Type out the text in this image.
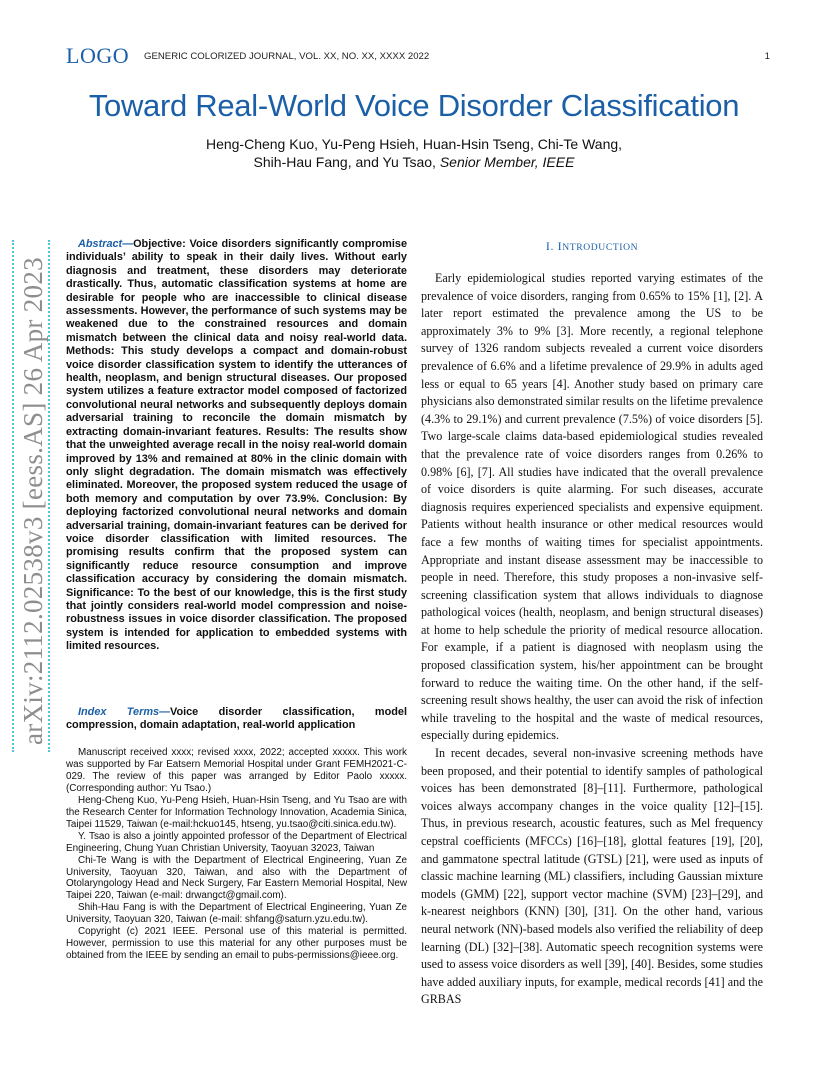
LOGO GENERIC COLORIZED JOURNAL, VOL. XX, NO. XX, XXXX 2022	1
Toward Real-World Voice Disorder Classification
Heng-Cheng Kuo, Yu-Peng Hsieh, Huan-Hsin Tseng, Chi-Te Wang,
Shih-Hau Fang, and Yu Tsao, Senior Member, IEEE
arXiv:2112.02538v3 [eess.AS] 26 Apr 2023

Abstract—Objective: Voice disorders significantly compromise individuals’ ability to speak in their daily lives. Without early diagnosis and treatment, these disorders may deteriorate drastically. Thus, automatic classification systems at home are desirable for people who are inaccessible to clinical disease assessments. However, the performance of such systems may be weakened due to the constrained resources and domain mismatch between the clinical data and noisy real-world data. Methods: This study develops a compact and domain-robust voice disorder classification system to identify the utterances of health, neoplasm, and benign structural diseases. Our proposed system utilizes a feature extractor model composed of factorized convolutional neural networks and subsequently deploys domain adversarial training to reconcile the domain mismatch by extracting domain-invariant features. Results: The results show that the unweighted average recall in the noisy real-world domain improved by 13% and remained at 80% in the clinic domain with only slight degradation. The domain mismatch was effectively eliminated. Moreover, the proposed system reduced the usage of both memory and computation by over 73.9%. Conclusion: By deploying factorized convolutional neural networks and domain adversarial training, domain-invariant features can be derived for voice disorder classification with limited resources. The promising results confirm that the proposed system can significantly reduce resource consumption and improve classification accuracy by considering the domain mismatch. Significance: To the best of our knowledge, this is the first study that jointly considers real-world model compression and noise-robustness issues in voice disorder classification. The proposed system is intended for application to embedded systems with limited resources.

Index Terms—Voice disorder classification, model compression, domain adaptation, real-world application

Manuscript received xxxx; revised xxxx, 2022; accepted xxxxx. This work was supported by Far Eatsern Memorial Hospital under Grant FEMH2021-C-029. The review of this paper was arranged by Editor Paolo xxxxx. (Corresponding author: Yu Tsao.)

Heng-Cheng Kuo, Yu-Peng Hsieh, Huan-Hsin Tseng, and Yu Tsao are with the Research Center for Information Technology Innovation, Academia Sinica, Taipei 11529, Taiwan (e-mail:hckuo145, htseng, yu.tsao@citi.sinica.edu.tw).

Y. Tsao is also a jointly appointed professor of the Department of Electrical Engineering, Chung Yuan Christian University, Taoyuan 32023, Taiwan

Chi-Te Wang is with the Department of Electrical Engineering, Yuan Ze University, Taoyuan 320, Taiwan, and also with the Department of Otolaryngology Head and Neck Surgery, Far Eastern Memorial Hospital, New Taipei 220, Taiwan (e-mail: drwangct@gmail.com).

Shih-Hau Fang is with the Department of Electrical Engineering, Yuan Ze University, Taoyuan 320, Taiwan (e-mail: shfang@saturn.yzu.edu.tw).

Copyright (c) 2021 IEEE. Personal use of this material is permitted. However, permission to use this material for any other purposes must be obtained from the IEEE by sending an email to pubs-permissions@ieee.org.

I. INTRODUCTION

Early epidemiological studies reported varying estimates of the prevalence of voice disorders, ranging from 0.65% to 15% [1], [2]. A later report estimated the prevalence among the US to be approximately 3% to 9% [3]. More recently, a regional telephone survey of 1326 random subjects revealed a current voice disorders prevalence of 6.6% and a lifetime prevalence of 29.9% in adults aged less or equal to 65 years [4]. Another study based on primary care physicians also demonstrated similar results on the lifetime prevalence (4.3% to 29.1%) and current prevalence (7.5%) of voice disorders [5]. Two large-scale claims data-based epidemiological studies revealed that the prevalence rate of voice disorders ranges from 0.26% to 0.98% [6], [7]. All studies have indicated that the overall prevalence of voice disorders is quite alarming. For such diseases, accurate diagnosis requires experienced specialists and expensive equipment. Patients without health insurance or other medical resources would face a few months of waiting times for specialist appointments. Appropriate and instant disease assessment may be inaccessible to people in need. Therefore, this study proposes a non-invasive self-screening classification system that allows individuals to diagnose pathological voices (health, neoplasm, and benign structural diseases) at home to help schedule the priority of medical resource allocation. For example, if a patient is diagnosed with neoplasm using the proposed classification system, his/her appointment can be brought forward to reduce the waiting time. On the other hand, if the self-screening result shows healthy, the user can avoid the risk of infection while traveling to the hospital and the waste of medical resources, especially during epidemics.

In recent decades, several non-invasive screening methods have been proposed, and their potential to identify samples of pathological voices has been demonstrated [8]–[11]. Furthermore, pathological voices always accompany changes in the voice quality [12]–[15]. Thus, in previous research, acoustic features, such as Mel frequency cepstral coefficients (MFCCs) [16]–[18], glottal features [19], [20], and gammatone spectral latitude (GTSL) [21], were used as inputs of classic machine learning (ML) classifiers, including Gaussian mixture models (GMM) [22], support vector machine (SVM) [23]–[29], and k-nearest neighbors (KNN) [30], [31]. On the other hand, various neural network (NN)-based models also verified the reliability of deep learning (DL) [32]–[38]. Automatic speech recognition systems were used to assess voice disorders as well [39], [40]. Besides, some studies have added auxiliary inputs, for example, medical records [41] and the GRBAS
